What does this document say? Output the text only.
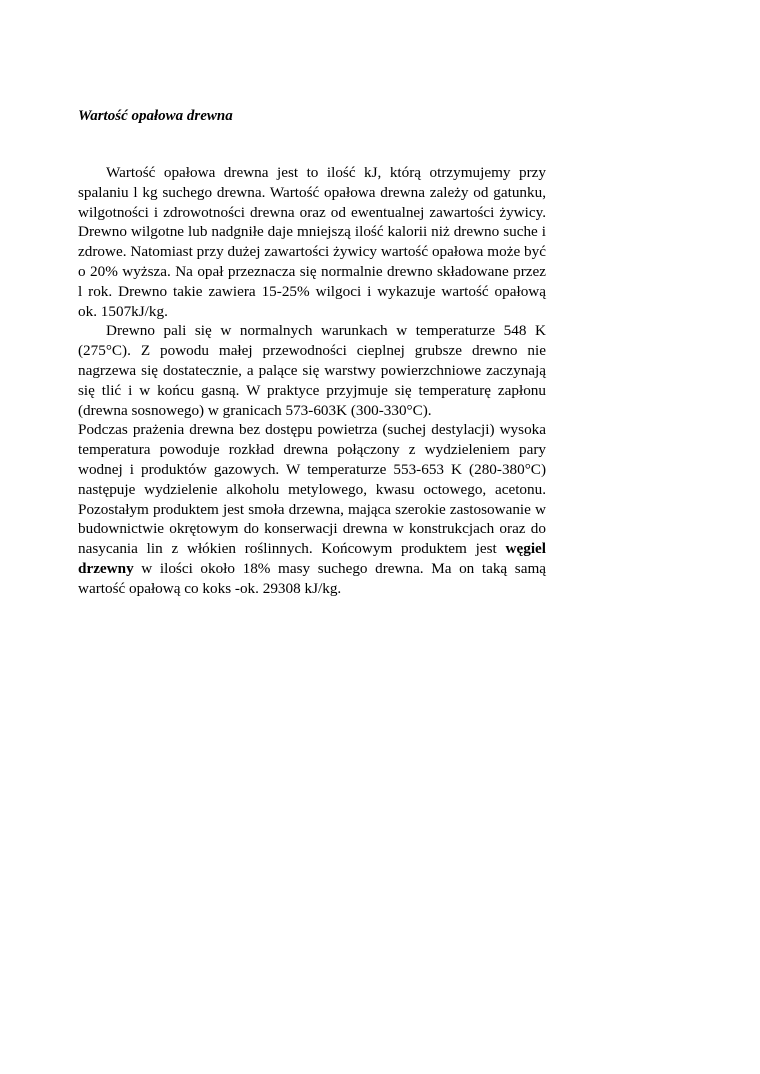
Wartość opałowa drewna

Wartość opałowa drewna jest to ilość kJ, którą otrzymujemy przy spalaniu l kg suchego drewna. Wartość opałowa drewna zależy od gatunku, wilgotności i zdrowotności drewna oraz od ewentualnej zawartości żywicy. Drewno wilgotne lub nadgniłe daje mniejszą ilość kalorii niż drewno suche i zdrowe. Natomiast przy dużej zawartości żywicy wartość opałowa może być o 20% wyższa. Na opał przeznacza się normalnie drewno składowane przez l rok. Drewno takie zawiera 15-25% wilgoci i wykazuje wartość opałową ok. 1507kJ/kg.

Drewno pali się w normalnych warunkach w temperaturze 548 K (275°C). Z powodu małej przewodności cieplnej grubsze drewno nie nagrzewa się dostatecznie, a palące się warstwy powierzchniowe zaczynają się tlić i w końcu gasną. W praktyce przyjmuje się temperaturę zapłonu (drewna sosnowego) w granicach 573-603K (300-330°C).

Podczas prażenia drewna bez dostępu powietrza (suchej destylacji) wysoka temperatura powoduje rozkład drewna połączony z wydzieleniem pary wodnej i produktów gazowych. W temperaturze 553-653 K (280-380°C) następuje wydzielenie alkoholu metylowego, kwasu octowego, acetonu. Pozostałym produktem jest smoła drzewna, mająca szerokie zastosowanie w budownictwie okrętowym do konserwacji drewna w konstrukcjach oraz do nasycania lin z włókien roślinnych. Końcowym produktem jest węgiel drzewny w ilości około 18% masy suchego drewna. Ma on taką samą wartość opałową co koks -ok. 29308 kJ/kg.
